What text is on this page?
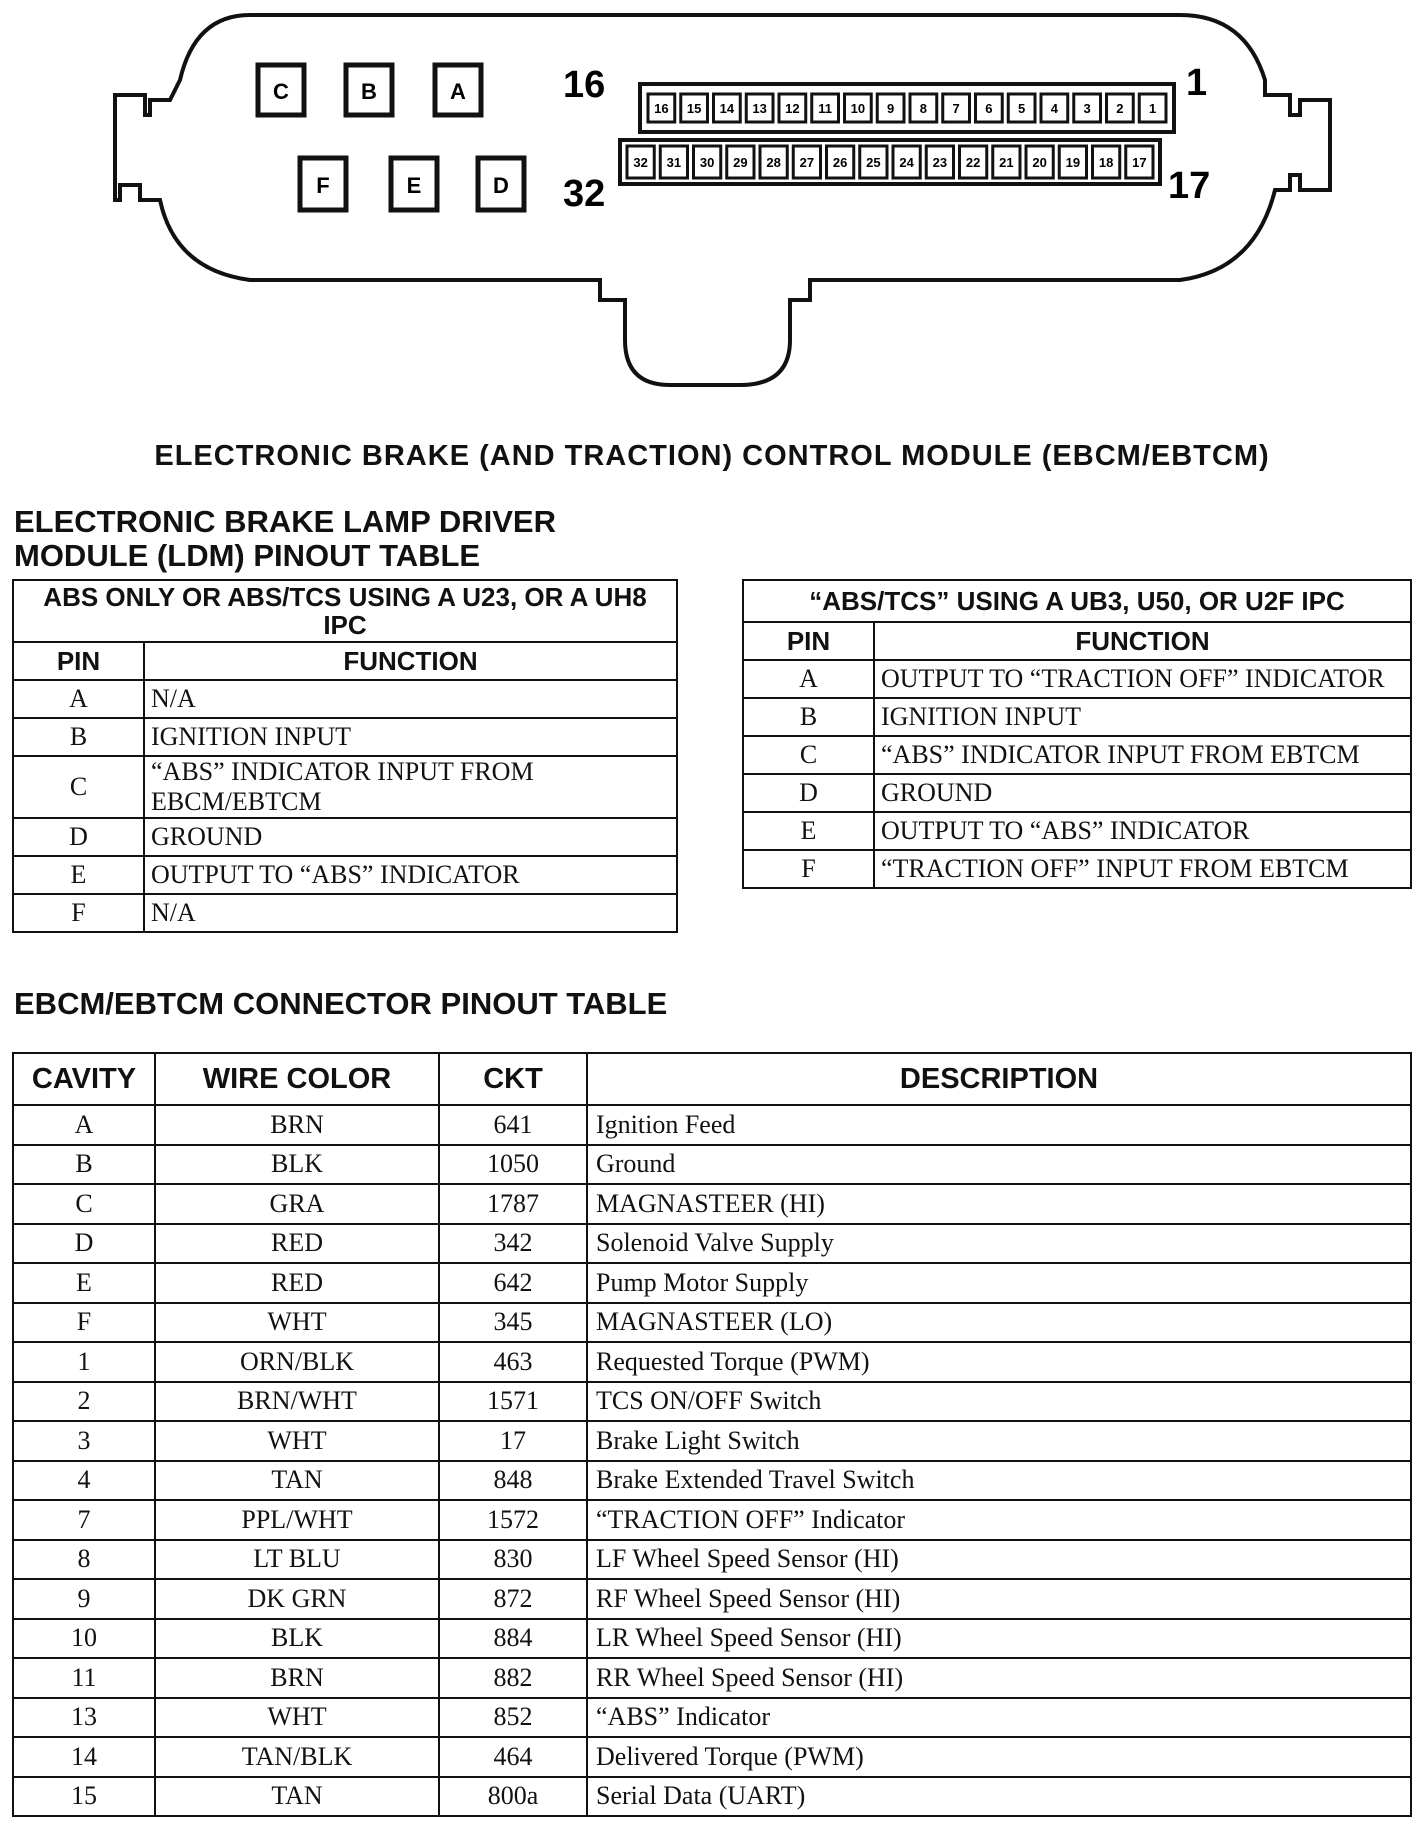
C	B	A
F	E	D
16	1
32	17
16 15 14 13 12 11 10 9 8 7 6 5 4 3 2 1
32 31 30 29 28 27 26 25 24 23 22 21 20 19 18 17
ELECTRONIC BRAKE (AND TRACTION) CONTROL MODULE (EBCM/EBTCM)
ELECTRONIC BRAKE LAMP DRIVER
MODULE (LDM) PINOUT TABLE
ABS ONLY OR ABS/TCS USING A U23, OR A UH8 IPC	
PIN	FUNCTION
A	N/A
B	IGNITION INPUT
C	“ABS” INDICATOR INPUT FROM EBCM/EBTCM
D	GROUND
E	OUTPUT TO “ABS” INDICATOR
F	N/A
“ABS/TCS” USING A UB3, U50, OR U2F IPC	
PIN	FUNCTION
A	OUTPUT TO “TRACTION OFF” INDICATOR
B	IGNITION INPUT
C	“ABS” INDICATOR INPUT FROM EBTCM
D	GROUND
E	OUTPUT TO “ABS” INDICATOR
F	“TRACTION OFF” INPUT FROM EBTCM
EBCM/EBTCM CONNECTOR PINOUT TABLE
CAVITY	WIRE COLOR	CKT	DESCRIPTION
A	BRN	641	Ignition Feed
B	BLK	1050	Ground
C	GRA	1787	MAGNASTEER (HI)
D	RED	342	Solenoid Valve Supply
E	RED	642	Pump Motor Supply
F	WHT	345	MAGNASTEER (LO)
1	ORN/BLK	463	Requested Torque (PWM)
2	BRN/WHT	1571	TCS ON/OFF Switch
3	WHT	17	Brake Light Switch
4	TAN	848	Brake Extended Travel Switch
7	PPL/WHT	1572	“TRACTION OFF” Indicator
8	LT BLU	830	LF Wheel Speed Sensor (HI)
9	DK GRN	872	RF Wheel Speed Sensor (HI)
10	BLK	884	LR Wheel Speed Sensor (HI)
11	BRN	882	RR Wheel Speed Sensor (HI)
13	WHT	852	“ABS” Indicator
14	TAN/BLK	464	Delivered Torque (PWM)
15	TAN	800a	Serial Data (UART)
